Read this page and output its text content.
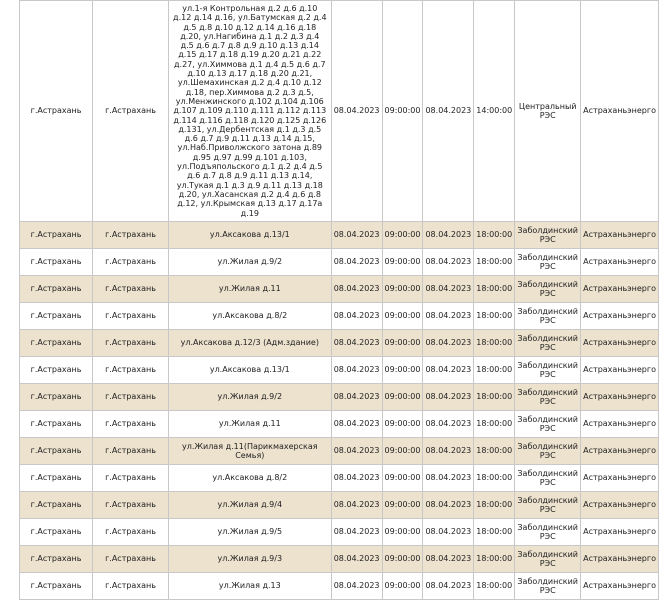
г.Астрахань	г.Астрахань	ул.1-я Контрольная д.2 д.6 д.10 д.12 д.14 д.16, ул.Батумская д.2 д.4 д.5 д.8 д.10 д.12 д.14 д.16 д.18 д.20, ул.Нагибина д.1 д.2 д.3 д.4 д.5 д.6 д.7 д.8 д.9 д.10 д.13 д.14 д.15 д.17 д.18 д.19 д.20 д.21 д.22 д.27, ул.Химмова д.1 д.4 д.5 д.6 д.7 д.10 д.13 д.17 д.18 д.20 д.21, ул.Шемахинская д.2 д.4 д.10 д.12 д.18, пер.Химмова д.2 д.3 д.5, ул.Менжинского д.102 д.104 д.106 д.107 д.109 д.110 д.111 д.112 д.113 д.114 д.116 д.118 д.120 д.125 д.126 д.131, ул.Дербентская д.1 д.3 д.5 д.6 д.7 д.9 д.11 д.13 д.14 д.15, ул.Наб.Приволжского затона д.89 д.95 д.97 д.99 д.101 д.103, ул.Подъяпольского д.1 д.2 д.4 д.5 д.6 д.7 д.8 д.9 д.11 д.13 д.14, ул.Тукая д.1 д.3 д.9 д.11 д.13 д.18 д.20, ул.Хасанская д.2 д.4 д.6 д.8 д.12, ул.Крымская д.13 д.17 д.17а д.19	08.04.2023	09:00:00	08.04.2023	14:00:00	Центральный РЭС	Астраханьэнерго
г.Астрахань	г.Астрахань	ул.Аксакова д.13/1	08.04.2023	09:00:00	08.04.2023	18:00:00	Заболдинский РЭС	Астраханьэнерго
г.Астрахань	г.Астрахань	ул.Жилая д.9/2	08.04.2023	09:00:00	08.04.2023	18:00:00	Заболдинский РЭС	Астраханьэнерго
г.Астрахань	г.Астрахань	ул.Жилая д.11	08.04.2023	09:00:00	08.04.2023	18:00:00	Заболдинский РЭС	Астраханьэнерго
г.Астрахань	г.Астрахань	ул.Аксакова д.8/2	08.04.2023	09:00:00	08.04.2023	18:00:00	Заболдинский РЭС	Астраханьэнерго
г.Астрахань	г.Астрахань	ул.Аксакова д.12/3 (Адм.здание)	08.04.2023	09:00:00	08.04.2023	18:00:00	Заболдинский РЭС	Астраханьэнерго
г.Астрахань	г.Астрахань	ул.Аксакова д.13/1	08.04.2023	09:00:00	08.04.2023	18:00:00	Заболдинский РЭС	Астраханьэнерго
г.Астрахань	г.Астрахань	ул.Жилая д.9/2	08.04.2023	09:00:00	08.04.2023	18:00:00	Заболдинский РЭС	Астраханьэнерго
г.Астрахань	г.Астрахань	ул.Жилая д.11	08.04.2023	09:00:00	08.04.2023	18:00:00	Заболдинский РЭС	Астраханьэнерго
г.Астрахань	г.Астрахань	ул.Жилая д.11(Парикмахерская Семья)	08.04.2023	09:00:00	08.04.2023	18:00:00	Заболдинский РЭС	Астраханьэнерго
г.Астрахань	г.Астрахань	ул.Аксакова д.8/2	08.04.2023	09:00:00	08.04.2023	18:00:00	Заболдинский РЭС	Астраханьэнерго
г.Астрахань	г.Астрахань	ул.Жилая д.9/4	08.04.2023	09:00:00	08.04.2023	18:00:00	Заболдинский РЭС	Астраханьэнерго
г.Астрахань	г.Астрахань	ул.Жилая д.9/5	08.04.2023	09:00:00	08.04.2023	18:00:00	Заболдинский РЭС	Астраханьэнерго
г.Астрахань	г.Астрахань	ул.Жилая д.9/3	08.04.2023	09:00:00	08.04.2023	18:00:00	Заболдинский РЭС	Астраханьэнерго
г.Астрахань	г.Астрахань	ул.Жилая д.13	08.04.2023	09:00:00	08.04.2023	18:00:00	Заболдинский РЭС	Астраханьэнерго
